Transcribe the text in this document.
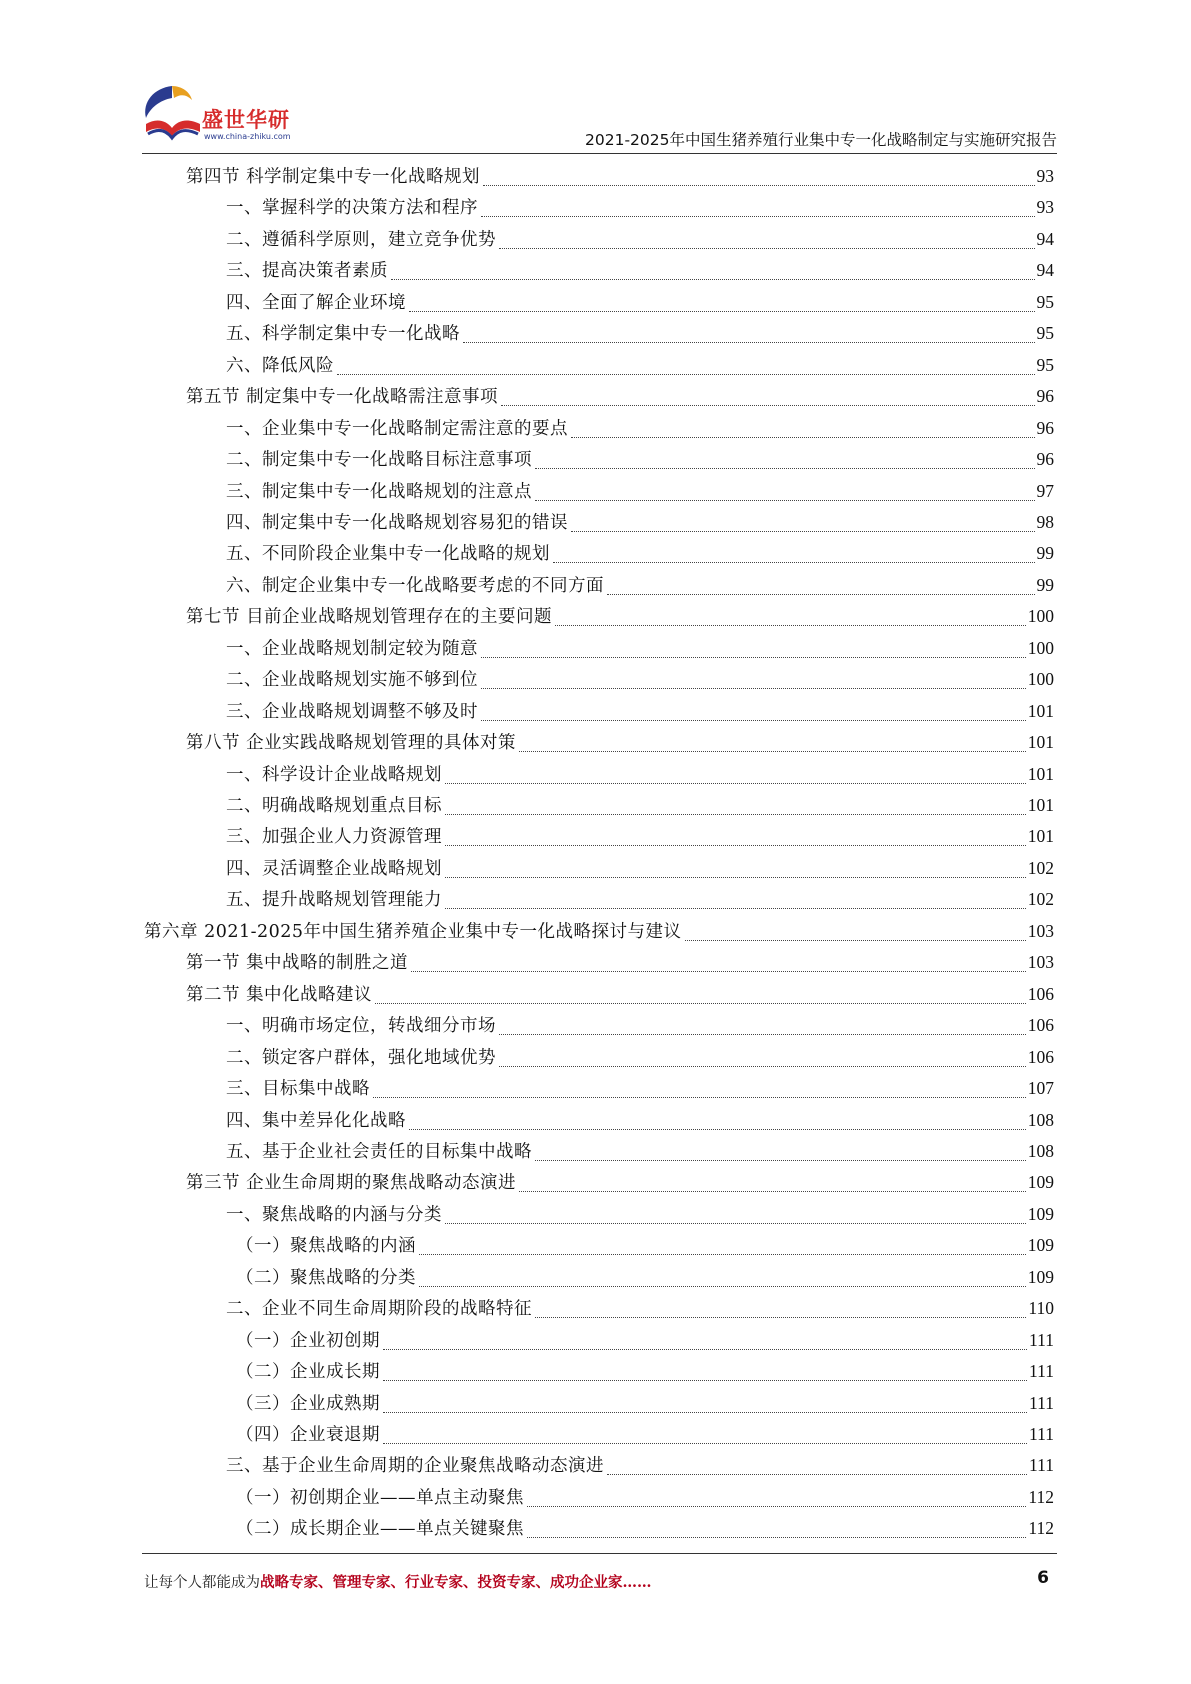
盛世华研
www.china-zhiku.com	2021-2025年中国生猪养殖行业集中专一化战略制定与实施研究报告
第四节 科学制定集中专一化战略规划	93
一、掌握科学的决策方法和程序	93
二、遵循科学原则，建立竞争优势	94
三、提高决策者素质	94
四、全面了解企业环境	95
五、科学制定集中专一化战略	95
六、降低风险	95
第五节 制定集中专一化战略需注意事项	96
一、企业集中专一化战略制定需注意的要点	96
二、制定集中专一化战略目标注意事项	96
三、制定集中专一化战略规划的注意点	97
四、制定集中专一化战略规划容易犯的错误	98
五、不同阶段企业集中专一化战略的规划	99
六、制定企业集中专一化战略要考虑的不同方面	99
第七节 目前企业战略规划管理存在的主要问题	100
一、企业战略规划制定较为随意	100
二、企业战略规划实施不够到位	100
三、企业战略规划调整不够及时	101
第八节 企业实践战略规划管理的具体对策	101
一、科学设计企业战略规划	101
二、明确战略规划重点目标	101
三、加强企业人力资源管理	101
四、灵活调整企业战略规划	102
五、提升战略规划管理能力	102
第六章 2021-2025年中国生猪养殖企业集中专一化战略探讨与建议	103
第一节 集中战略的制胜之道	103
第二节 集中化战略建议	106
一、明确市场定位，转战细分市场	106
二、锁定客户群体，强化地域优势	106
三、目标集中战略	107
四、集中差异化化战略	108
五、基于企业社会责任的目标集中战略	108
第三节 企业生命周期的聚焦战略动态演进	109
一、聚焦战略的内涵与分类	109
（一）聚焦战略的内涵	109
（二）聚焦战略的分类	109
二、企业不同生命周期阶段的战略特征	110
（一）企业初创期	111
（二）企业成长期	111
（三）企业成熟期	111
（四）企业衰退期	111
三、基于企业生命周期的企业聚焦战略动态演进	111
（一）初创期企业——单点主动聚焦	112
（二）成长期企业——单点关键聚焦	112
让每个人都能成为战略专家、管理专家、行业专家、投资专家、成功企业家……	6
